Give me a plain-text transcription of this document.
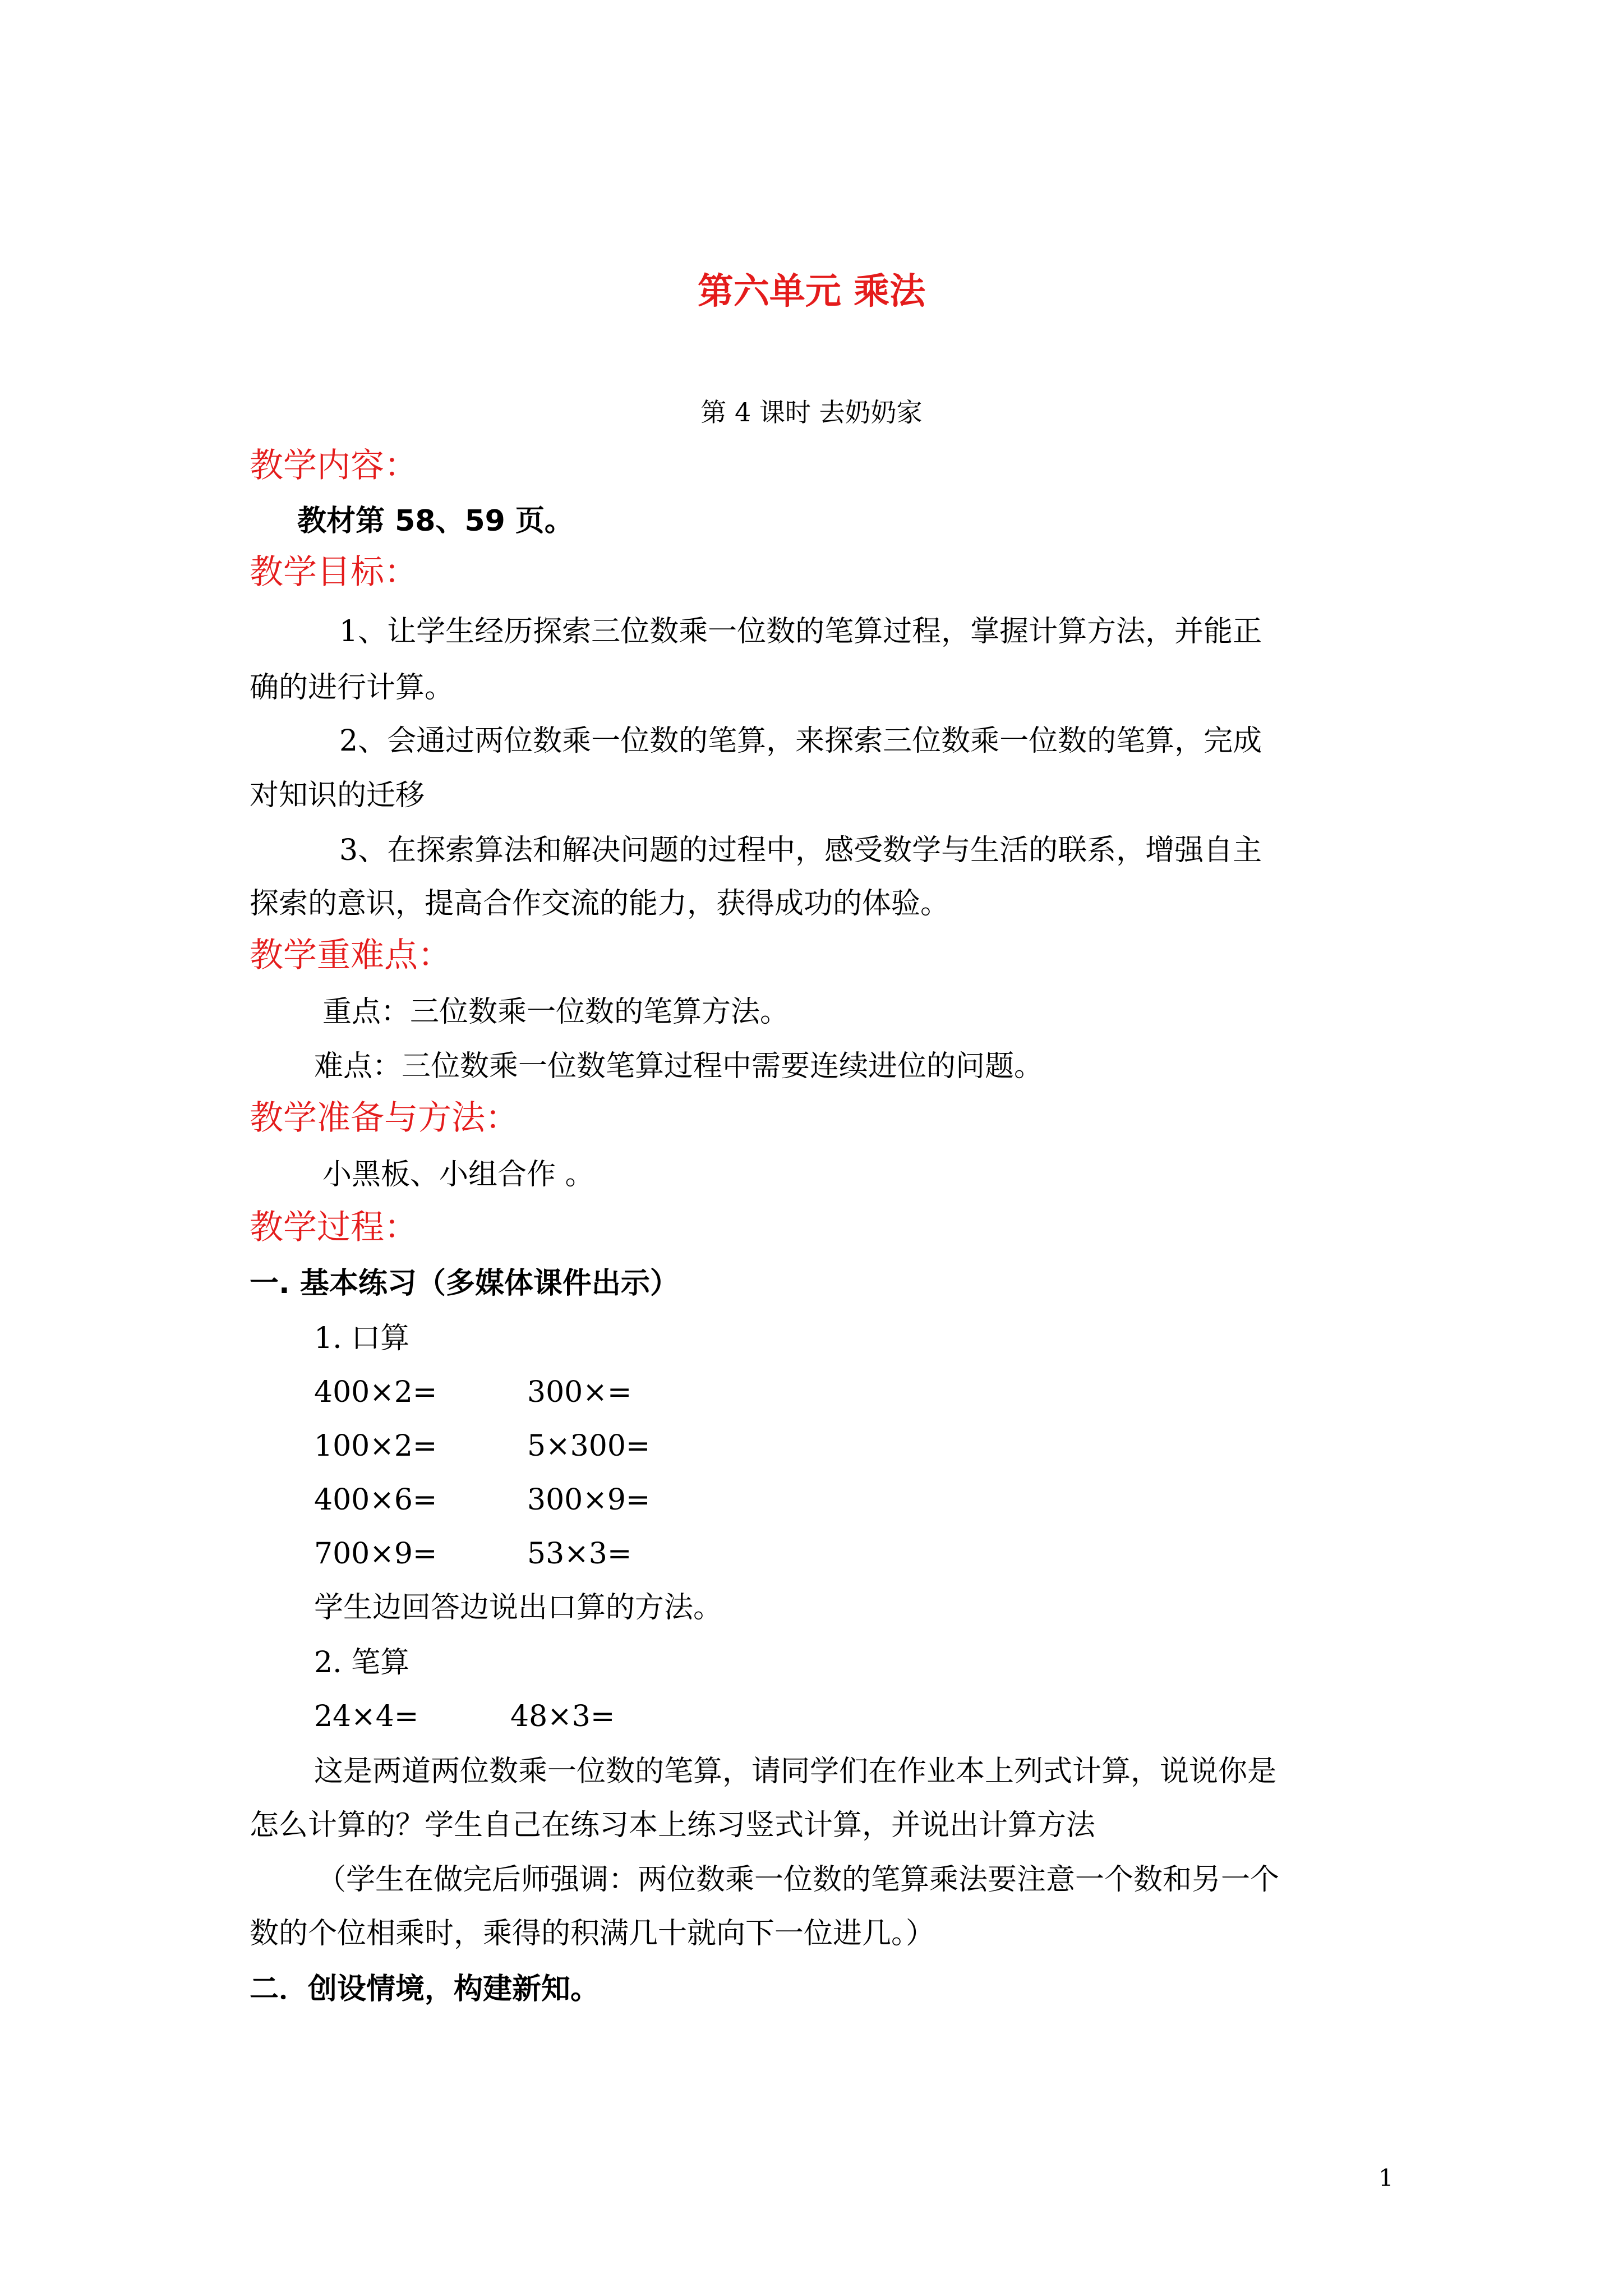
第六单元 乘法
第 4 课时 去奶奶家
教学内容：
教材第 58、59 页。
教学目标：
1、让学生经历探索三位数乘一位数的笔算过程，掌握计算方法，并能正
确的进行计算。
2、会通过两位数乘一位数的笔算，来探索三位数乘一位数的笔算，完成
对知识的迁移
3、在探索算法和解决问题的过程中，感受数学与生活的联系，增强自主
探索的意识，提高合作交流的能力，获得成功的体验。
教学重难点：
重点：三位数乘一位数的笔算方法。
难点：三位数乘一位数笔算过程中需要连续进位的问题。
教学准备与方法：
小黑板、小组合作 。
教学过程：
一. 基本练习（多媒体课件出示）
1. 口算
400×2=	300×=
100×2=	5×300=
400×6=	300×9=
700×9=	53×3=
学生边回答边说出口算的方法。
2. 笔算
24×4=	48×3=
这是两道两位数乘一位数的笔算，请同学们在作业本上列式计算，说说你是
怎么计算的？学生自己在练习本上练习竖式计算，并说出计算方法
（学生在做完后师强调：两位数乘一位数的笔算乘法要注意一个数和另一个
数的个位相乘时，乘得的积满几十就向下一位进几。）
二．创设情境，构建新知。
1
